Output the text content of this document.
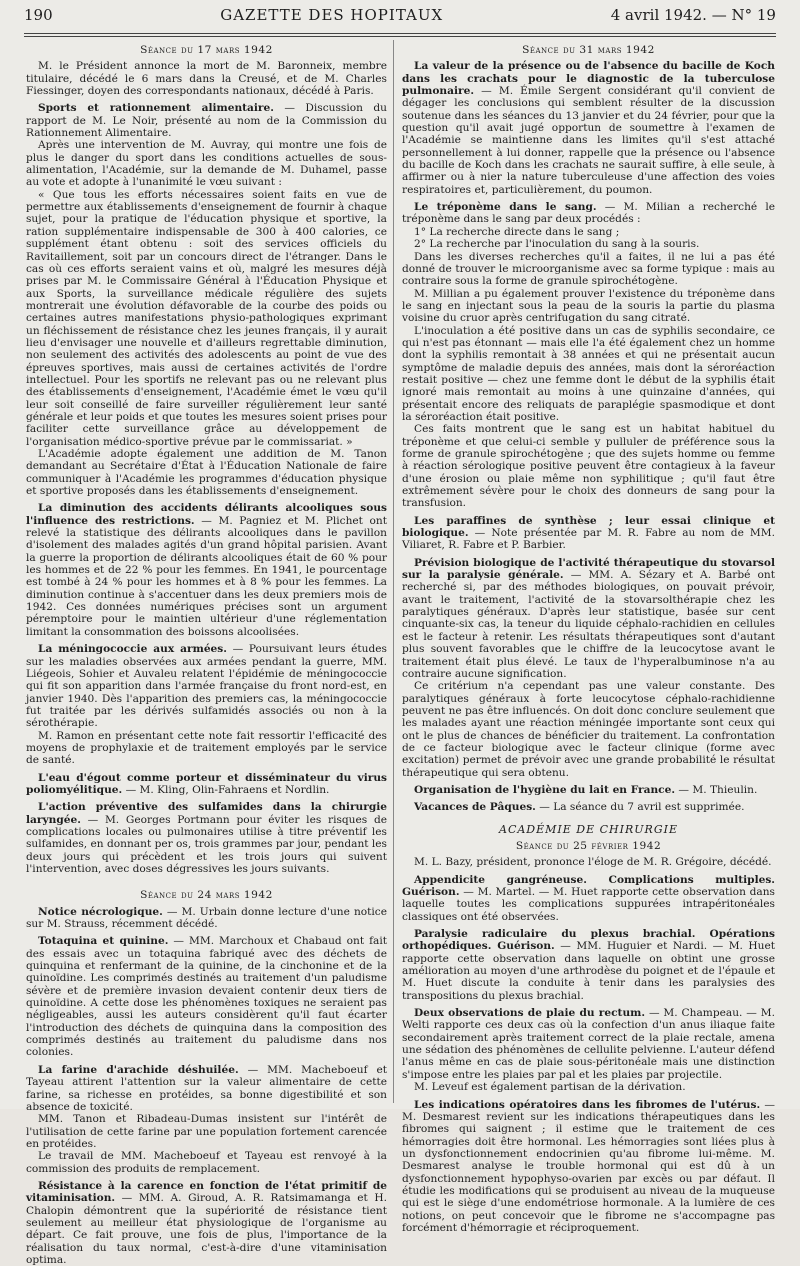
190	GAZETTE DES HOPITAUX	4 avril 1942. — N° 19
Séance du 17 mars 1942

M. le Président annonce la mort de M. Baronneix, membre titulaire, décédé le 6 mars dans la Creusé, et de M. Charles Fiessinger, doyen des correspondants nationaux, décédé à Paris.

Sports et rationnement alimentaire. — Discussion du rapport de M. Le Noir, présenté au nom de la Commission du Rationnement Alimentaire.

Après une intervention de M. Auvray, qui montre une fois de plus le danger du sport dans les conditions actuelles de sous-alimentation, l'Académie, sur la demande de M. Duhamel, passe au vote et adopte à l'unanimité le vœu suivant :

« Que tous les efforts nécessaires soient faits en vue de permettre aux établissements d'enseignement de fournir à chaque sujet, pour la pratique de l'éducation physique et sportive, la ration supplémentaire indispensable de 300 à 400 calories, ce supplément étant obtenu : soit des services officiels du Ravitaillement, soit par un concours direct de l'étranger. Dans le cas où ces efforts seraient vains et où, malgré les mesures déjà prises par M. le Commissaire Général à l'Éducation Physique et aux Sports, la surveillance médicale régulière des sujets montrerait une évolution défavorable de la courbe des poids ou certaines autres manifestations physio-pathologiques exprimant un fléchissement de résistance chez les jeunes français, il y aurait lieu d'envisager une nouvelle et d'ailleurs regrettable diminution, non seulement des activités des adolescents au point de vue des épreuves sportives, mais aussi de certaines activités de l'ordre intellectuel. Pour les sportifs ne relevant pas ou ne relevant plus des établissements d'enseignement, l'Académie émet le vœu qu'il leur soit conseillé de faire surveiller régulièrement leur santé générale et leur poids et que toutes les mesures soient prises pour faciliter cette surveillance grâce au développement de l'organisation médico-sportive prévue par le commissariat. »

L'Académie adopte également une addition de M. Tanon demandant au Secrétaire d'État à l'Éducation Nationale de faire communiquer à l'Académie les programmes d'éducation physique et sportive proposés dans les établissements d'enseignement.

La diminution des accidents délirants alcooliques sous l'influence des restrictions. — M. Pagniez et M. Plichet ont relevé la statistique des délirants alcooliques dans le pavillon d'isolement des malades agités d'un grand hôpital parisien. Avant la guerre la proportion de délirants alcooliques était de 60 % pour les hommes et de 22 % pour les femmes. En 1941, le pourcentage est tombé à 24 % pour les hommes et à 8 % pour les femmes. La diminution continue à s'accentuer dans les deux premiers mois de 1942. Ces données numériques précises sont un argument péremptoire pour le maintien ultérieur d'une réglementation limitant la consommation des boissons alcoolisées.

La méningococcie aux armées. — Poursuivant leurs études sur les maladies observées aux armées pendant la guerre, MM. Liégeois, Sohier et Auvaleu relatent l'épidémie de méningococcie qui fit son apparition dans l'armée française du front nord-est, en janvier 1940. Dès l'apparition des premiers cas, la méningococcie fut traitée par les dérivés sulfamidés associés ou non à la sérothérapie.

M. Ramon en présentant cette note fait ressortir l'efficacité des moyens de prophylaxie et de traitement employés par le service de santé.

L'eau d'égout comme porteur et disséminateur du virus poliomyélitique. — M. Kling, Olin-Fahraens et Nordlin.

L'action préventive des sulfamides dans la chirurgie laryngée. — M. Georges Portmann pour éviter les risques de complications locales ou pulmonaires utilise à titre préventif les sulfamides, en donnant per os, trois grammes par jour, pendant les deux jours qui précèdent et les trois jours qui suivent l'intervention, avec doses dégressives les jours suivants.

Séance du 24 mars 1942

Notice nécrologique. — M. Urbain donne lecture d'une notice sur M. Strauss, récemment décédé.

Totaquina et quinine. — MM. Marchoux et Chabaud ont fait des essais avec un totaquina fabriqué avec des déchets de quinquina et renfermant de la quinine, de la cinchonine et de la quinoïdine. Les comprimés destinés au traitement d'un paludisme sévère et de première invasion devaient contenir deux tiers de quinoïdine. A cette dose les phénomènes toxiques ne seraient pas négligeables, aussi les auteurs considèrent qu'il faut écarter l'introduction des déchets de quinquina dans la composition des comprimés destinés au traitement du paludisme dans nos colonies.

La farine d'arachide déshuilée. — MM. Macheboeuf et Tayeau attirent l'attention sur la valeur alimentaire de cette farine, sa richesse en protéides, sa bonne digestibilité et son absence de toxicité.

MM. Tanon et Ribadeau-Dumas insistent sur l'intérêt de l'utilisation de cette farine par une population fortement carencée en protéides.

Le travail de MM. Macheboeuf et Tayeau est renvoyé à la commission des produits de remplacement.

Résistance à la carence en fonction de l'état primitif de vitaminisation. — MM. A. Giroud, A. R. Ratsimamanga et H. Chalopin démontrent que la supériorité de résistance tient seulement au meilleur état physiologique de l'organisme au départ. Ce fait prouve, une fois de plus, l'importance de la réalisation du taux normal, c'est-à-dire d'une vitaminisation optima.

Séance du 31 mars 1942

La valeur de la présence ou de l'absence du bacille de Koch dans les crachats pour le diagnostic de la tuberculose pulmonaire. — M. Émile Sergent considérant qu'il convient de dégager les conclusions qui semblent résulter de la discussion soutenue dans les séances du 13 janvier et du 24 février, pour que la question qu'il avait jugé opportun de soumettre à l'examen de l'Académie se maintienne dans les limites qu'il s'est attaché personnellement à lui donner, rappelle que la présence ou l'absence du bacille de Koch dans les crachats ne saurait suffire, à elle seule, à affirmer ou à nier la nature tuberculeuse d'une affection des voies respiratoires et, particulièrement, du poumon.

Le tréponème dans le sang. — M. Milian a recherché le tréponème dans le sang par deux procédés :

1° La recherche directe dans le sang ;

2° La recherche par l'inoculation du sang à la souris.

Dans les diverses recherches qu'il a faites, il ne lui a pas été donné de trouver le microorganisme avec sa forme typique : mais au contraire sous la forme de granule spirochétogène.

M. Millian a pu également prouver l'existence du tréponème dans le sang en injectant sous la peau de la souris la partie du plasma voisine du cruor après centrifugation du sang citraté.

L'inoculation a été positive dans un cas de syphilis secondaire, ce qui n'est pas étonnant — mais elle l'a été également chez un homme dont la syphilis remontait à 38 années et qui ne présentait aucun symptôme de maladie depuis des années, mais dont la séroréaction restait positive — chez une femme dont le début de la syphilis était ignoré mais remontait au moins à une quinzaine d'années, qui présentait encore des reliquats de paraplégie spasmodique et dont la séroréaction était positive.

Ces faits montrent que le sang est un habitat habituel du tréponème et que celui-ci semble y pulluler de préférence sous la forme de granule spirochétogène ; que des sujets homme ou femme à réaction sérologique positive peuvent être contagieux à la faveur d'une érosion ou plaie même non syphilitique ; qu'il faut être extrêmement sévère pour le choix des donneurs de sang pour la transfusion.

Les paraffines de synthèse ; leur essai clinique et biologique. — Note présentée par M. R. Fabre au nom de MM. Viliaret, R. Fabre et P. Barbier.

Prévision biologique de l'activité thérapeutique du stovarsol sur la paralysie générale. — MM. A. Sézary et A. Barbé ont recherché si, par des méthodes biologiques, on pouvait prévoir, avant le traitement, l'activité de la stovarsolthérapie chez les paralytiques généraux. D'après leur statistique, basée sur cent cinquante-six cas, la teneur du liquide céphalo-rachidien en cellules est le facteur à retenir. Les résultats thérapeutiques sont d'autant plus souvent favorables que le chiffre de la leucocytose avant le traitement était plus élevé. Le taux de l'hyperalbuminose n'a au contraire aucune signification.

Ce critérium n'a cependant pas une valeur constante. Des paralytiques généraux à forte leucocytose céphalo-rachidienne peuvent ne pas être influencés. On doit donc conclure seulement que les malades ayant une réaction méningée importante sont ceux qui ont le plus de chances de bénéficier du traitement. La confrontation de ce facteur biologique avec le facteur clinique (forme avec excitation) permet de prévoir avec une grande probabilité le résultat thérapeutique qui sera obtenu.

Organisation de l'hygiène du lait en France. — M. Thieulin.

Vacances de Pâques. — La séance du 7 avril est supprimée.

ACADÉMIE DE CHIRURGIE
Séance du 25 février 1942

M. L. Bazy, président, prononce l'éloge de M. R. Grégoire, décédé.

Appendicite gangréneuse. Complications multiples. Guérison. — M. Martel. — M. Huet rapporte cette observation dans laquelle toutes les complications suppurées intrapéritonéales classiques ont été observées.

Paralysie radiculaire du plexus brachial. Opérations orthopédiques. Guérison. — MM. Huguier et Nardi. — M. Huet rapporte cette observation dans laquelle on obtint une grosse amélioration au moyen d'une arthrodèse du poignet et de l'épaule et M. Huet discute la conduite à tenir dans les paralysies des transpositions du plexus brachial.

Deux observations de plaie du rectum. — M. Champeau. — M. Welti rapporte ces deux cas où la confection d'un anus iliaque faite secondairement après traitement correct de la plaie rectale, amena une sédation des phénomènes de cellulite pelvienne. L'auteur défend l'anus même en cas de plaie sous-péritonéale mais une distinction s'impose entre les plaies par pal et les plaies par projectile.

M. Leveuf est également partisan de la dérivation.

Les indications opératoires dans les fibromes de l'utérus. — M. Desmarest revient sur les indications thérapeutiques dans les fibromes qui saignent ; il estime que le traitement de ces hémorragies doit être hormonal. Les hémorragies sont liées plus à un dysfonctionnement endocrinien qu'au fibrome lui-même. M. Desmarest analyse le trouble hormonal qui est dû à un dysfonctionnement hypophyso-ovarien par excès ou par défaut. Il étudie les modifications qui se produisent au niveau de la muqueuse qui est le siège d'une endométriose hormonale. A la lumière de ces notions, on peut concevoir que le fibrome ne s'accompagne pas forcément d'hémorragie et réciproquement.
